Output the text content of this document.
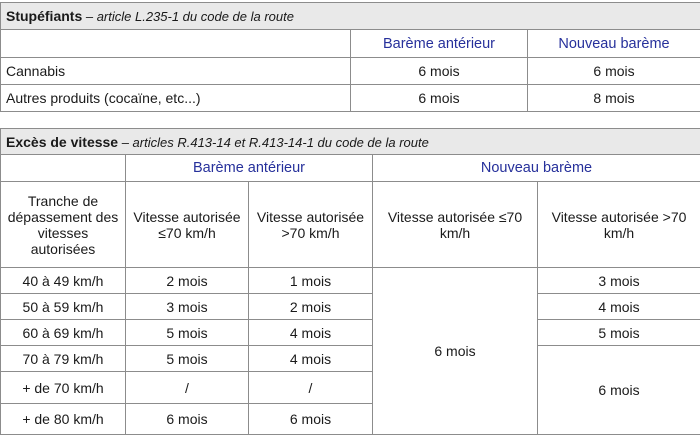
Stupéfiants – article L.235-1 du code de la route		
	Barème antérieur	Nouveau barème
Cannabis	6 mois	6 mois
Autres produits (cocaïne, etc...)	6 mois	8 mois
Excès de vitesse – articles R.413-14 et R.413-14-1 du code de la route				
	Barème antérieur		Nouveau barème	
Tranche de dépassement des vitesses autorisées	Vitesse autorisée ≤70 km/h	Vitesse autorisée >70 km/h	Vitesse autorisée ≤70 km/h	Vitesse autorisée >70 km/h
40 à 49 km/h	2 mois	1 mois	6 mois	3 mois
50 à 59 km/h	3 mois	2 mois		4 mois
60 à 69 km/h	5 mois	4 mois		5 mois
70 à 79 km/h	5 mois	4 mois		6 mois
+ de 70 km/h	/	/		
+ de 80 km/h	6 mois	6 mois		
